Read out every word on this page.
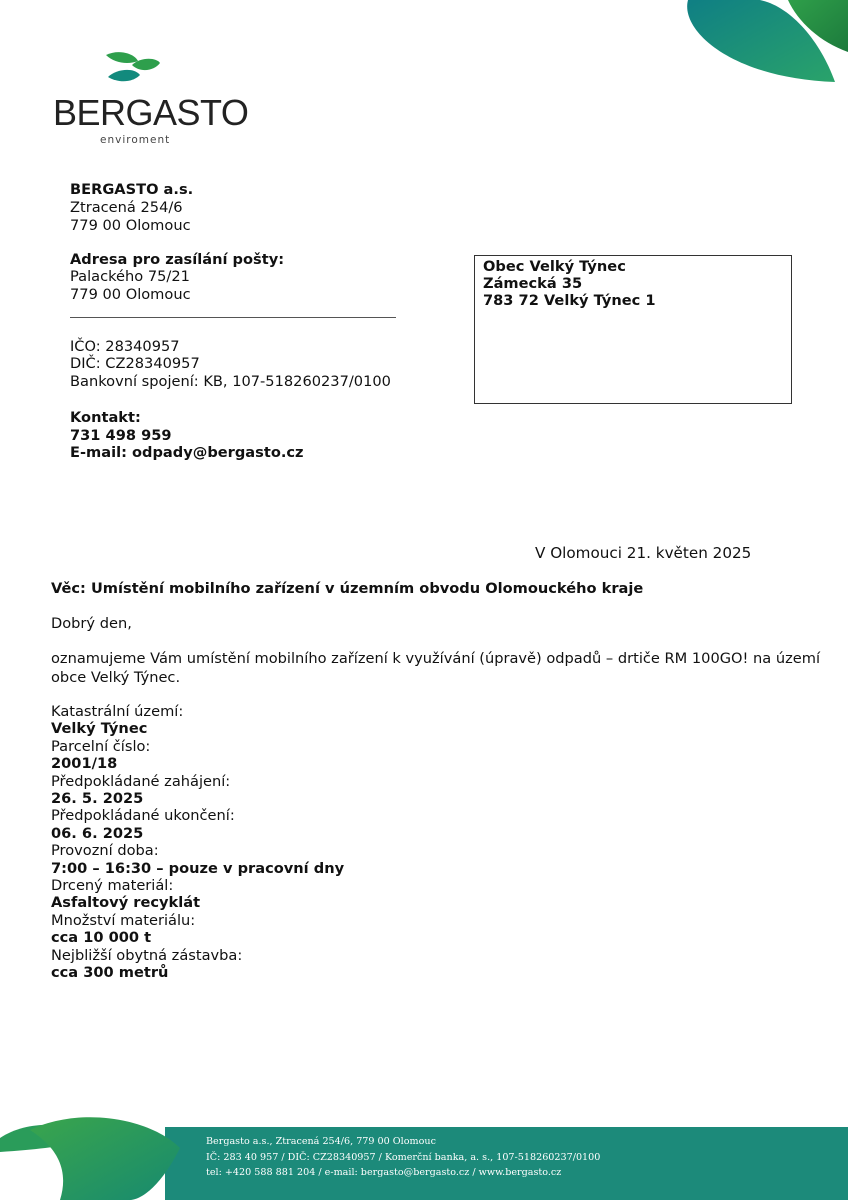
BERGASTO
enviroment
BERGASTO a.s.
Ztracená 254/6
779 00 Olomouc
Adresa pro zasílání pošty:
Palackého 75/21
779 00 Olomouc
IČO: 28340957
DIČ: CZ28340957
Bankovní spojení: KB, 107-518260237/0100
Kontakt:
731 498 959
E-mail: odpady@bergasto.cz
Obec Velký Týnec
Zámecká 35
783 72 Velký Týnec 1
V Olomouci 21. květen 2025
Věc: Umístění mobilního zařízení v územním obvodu Olomouckého kraje
Dobrý den,
oznamujeme Vám umístění mobilního zařízení k využívání (úpravě) odpadů – drtiče RM 100GO! na území
obce Velký Týnec.
Katastrální území:
Velký Týnec
Parcelní číslo:
2001/18
Předpokládané zahájení:
26. 5. 2025
Předpokládané ukončení:
06. 6. 2025
Provozní doba:
7:00 – 16:30 – pouze v pracovní dny
Drcený materiál:
Asfaltový recyklát
Množství materiálu:
cca 10 000 t
Nejbližší obytná zástavba:
cca 300 metrů
Bergasto a.s., Ztracená 254/6, 779 00 Olomouc
IČ: 283 40 957 / DIČ: CZ28340957 / Komerční banka, a. s., 107-518260237/0100
tel: +420 588 881 204 / e-mail: bergasto@bergasto.cz / www.bergasto.cz
